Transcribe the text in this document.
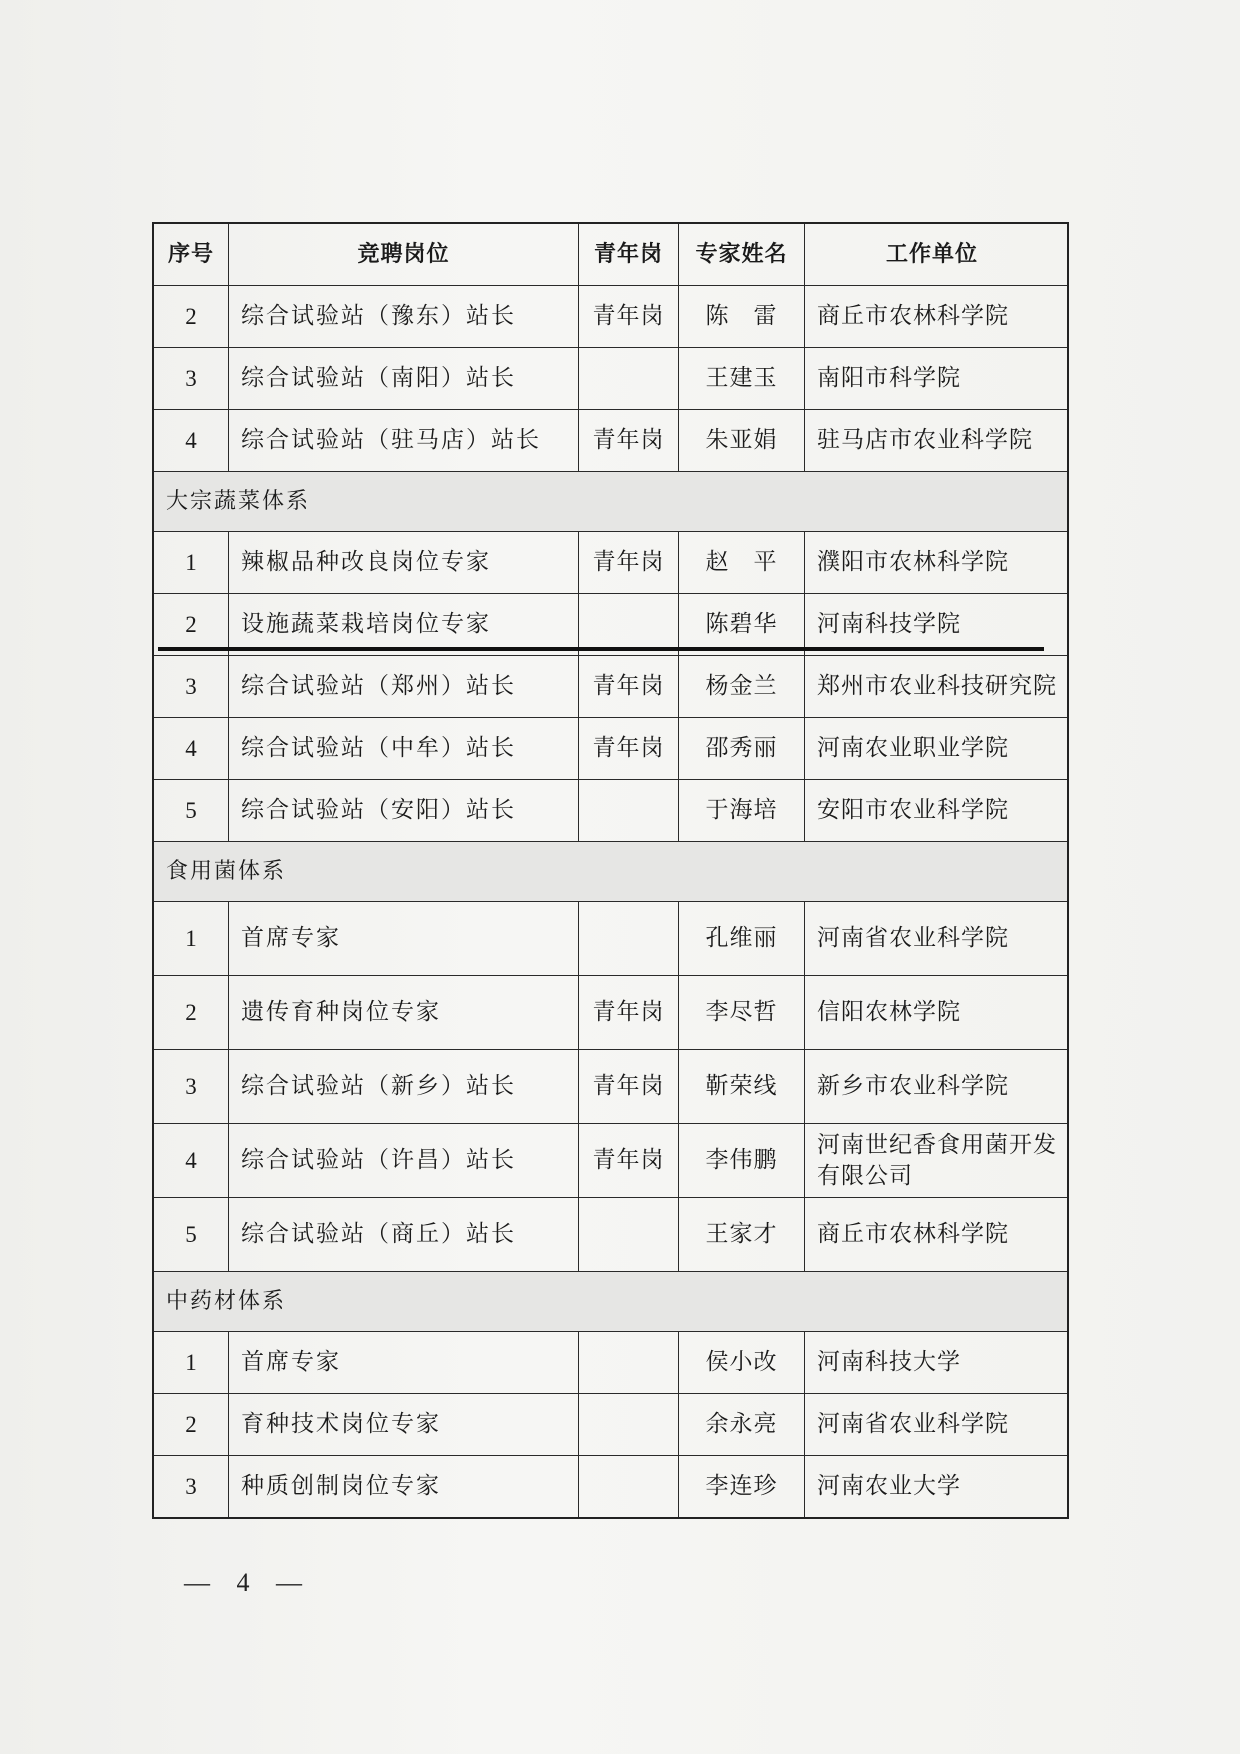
序号	竞聘岗位	青年岗	专家姓名	工作单位
2	综合试验站（豫东）站长	青年岗	陈　雷	商丘市农林科学院
3	综合试验站（南阳）站长		王建玉	南阳市科学院
4	综合试验站（驻马店）站长	青年岗	朱亚娟	驻马店市农业科学院
大宗蔬菜体系				
1	辣椒品种改良岗位专家	青年岗	赵　平	濮阳市农林科学院
2	设施蔬菜栽培岗位专家		陈碧华	河南科技学院
3	综合试验站（郑州）站长	青年岗	杨金兰	郑州市农业科技研究院
4	综合试验站（中牟）站长	青年岗	邵秀丽	河南农业职业学院
5	综合试验站（安阳）站长		于海培	安阳市农业科学院
食用菌体系				
1	首席专家		孔维丽	河南省农业科学院
2	遗传育种岗位专家	青年岗	李尽哲	信阳农林学院
3	综合试验站（新乡）站长	青年岗	靳荣线	新乡市农业科学院
4	综合试验站（许昌）站长	青年岗	李伟鹏	河南世纪香食用菌开发有限公司
5	综合试验站（商丘）站长		王家才	商丘市农林科学院
中药材体系				
1	首席专家		侯小改	河南科技大学
2	育种技术岗位专家		余永亮	河南省农业科学院
3	种质创制岗位专家		李连珍	河南农业大学
— 4 —
